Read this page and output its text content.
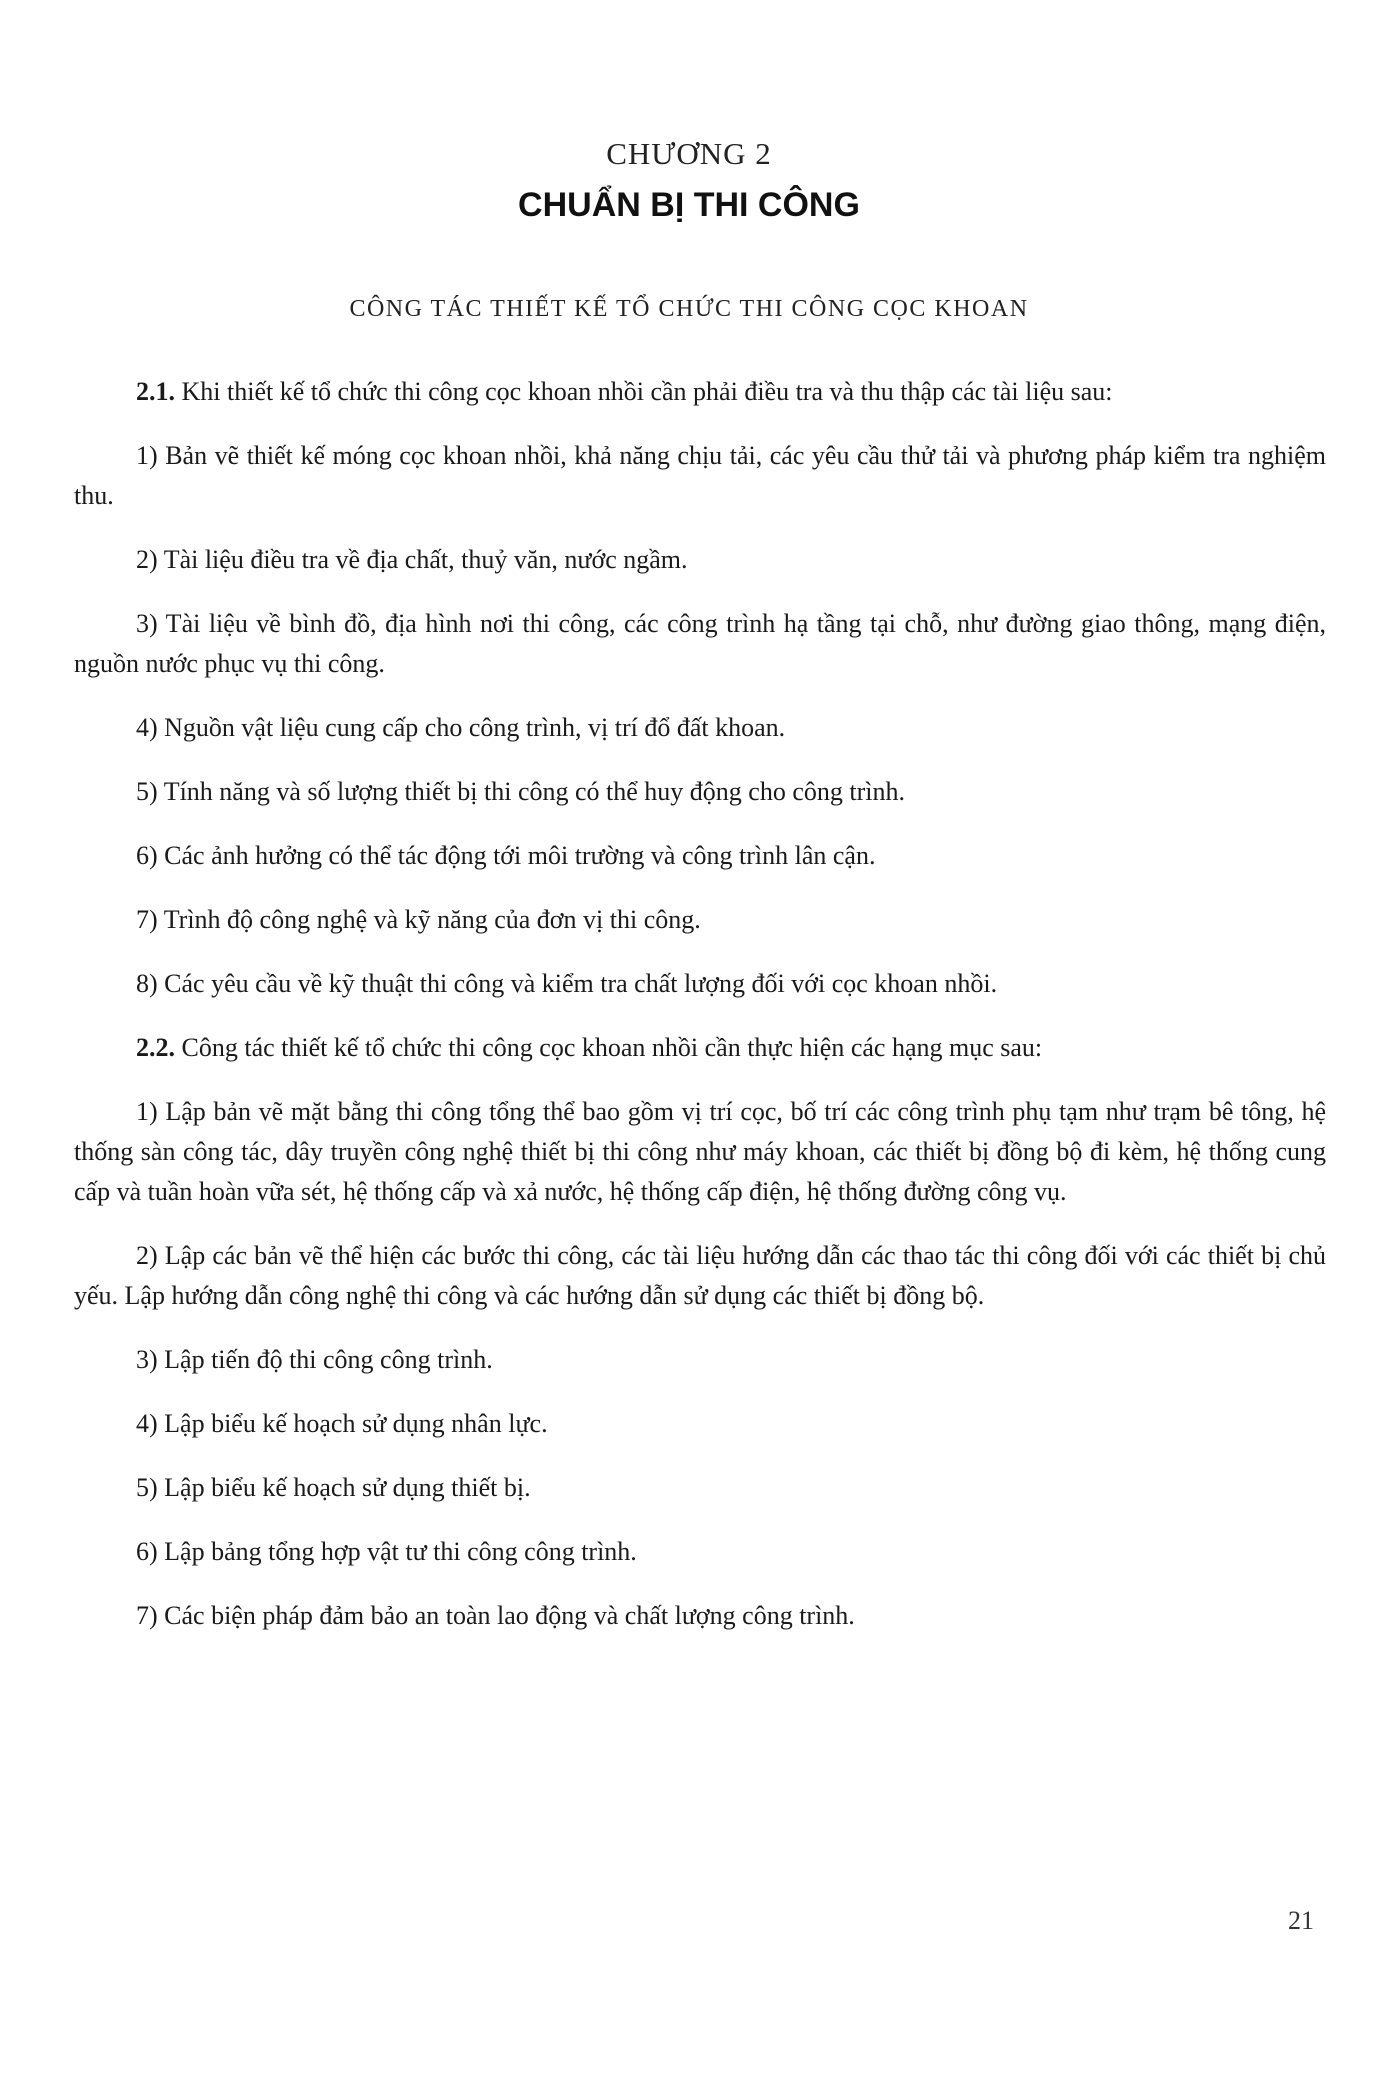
CHƯƠNG 2
CHUẨN BỊ THI CÔNG
CÔNG TÁC THIẾT KẾ TỔ CHỨC THI CÔNG CỌC KHOAN

2.1. Khi thiết kế tổ chức thi công cọc khoan nhồi cần phải điều tra và thu thập các tài liệu sau:

1) Bản vẽ thiết kế móng cọc khoan nhồi, khả năng chịu tải, các yêu cầu thử tải và phương pháp kiểm tra nghiệm thu.

2) Tài liệu điều tra về địa chất, thuỷ văn, nước ngầm.

3) Tài liệu về bình đồ, địa hình nơi thi công, các công trình hạ tầng tại chỗ, như đường giao thông, mạng điện, nguồn nước phục vụ thi công.

4) Nguồn vật liệu cung cấp cho công trình, vị trí đổ đất khoan.

5) Tính năng và số lượng thiết bị thi công có thể huy động cho công trình.

6) Các ảnh hưởng có thể tác động tới môi trường và công trình lân cận.

7) Trình độ công nghệ và kỹ năng của đơn vị thi công.

8) Các yêu cầu về kỹ thuật thi công và kiểm tra chất lượng đối với cọc khoan nhồi.

2.2. Công tác thiết kế tổ chức thi công cọc khoan nhồi cần thực hiện các hạng mục sau:

1) Lập bản vẽ mặt bằng thi công tổng thể bao gồm vị trí cọc, bố trí các công trình phụ tạm như trạm bê tông, hệ thống sàn công tác, dây truyền công nghệ thiết bị thi công như máy khoan, các thiết bị đồng bộ đi kèm, hệ thống cung cấp và tuần hoàn vữa sét, hệ thống cấp và xả nước, hệ thống cấp điện, hệ thống đường công vụ.

2) Lập các bản vẽ thể hiện các bước thi công, các tài liệu hướng dẫn các thao tác thi công đối với các thiết bị chủ yếu. Lập hướng dẫn công nghệ thi công và các hướng dẫn sử dụng các thiết bị đồng bộ.

3) Lập tiến độ thi công công trình.

4) Lập biểu kế hoạch sử dụng nhân lực.

5) Lập biểu kế hoạch sử dụng thiết bị.

6) Lập bảng tổng hợp vật tư thi công công trình.

7) Các biện pháp đảm bảo an toàn lao động và chất lượng công trình.

21
